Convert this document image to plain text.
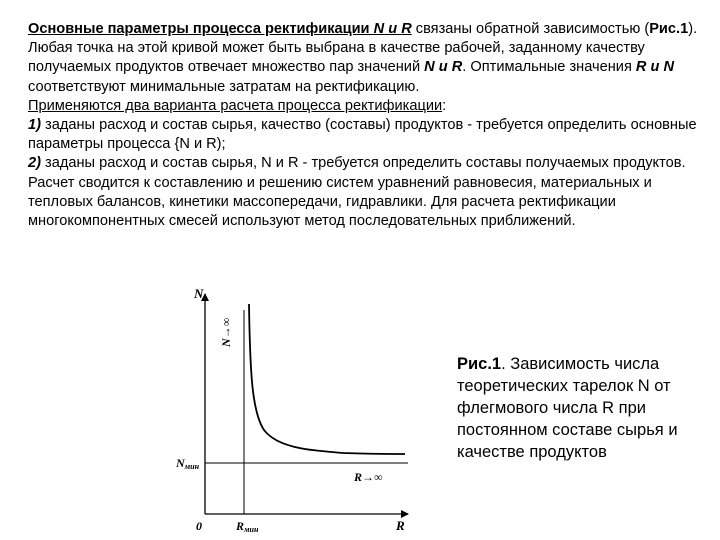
Основные параметры процесса ректификации N и R связаны обратной зависимостью (Рис.1). Любая точка на этой кривой может быть выбрана в качестве рабочей, заданному качеству получаемых продуктов отвечает множество пар значений N и R. Оптимальные значения R и N соответствуют минимальные затратам на ректификацию.

Применяются два варианта расчета процесса ректификации:

1) заданы расход и состав сырья, качество (составы) продуктов - требуется определить основные параметры процесса {N и R);

2) заданы расход и состав сырья, N и R - требуется определить составы получаемых продуктов.

Расчет сводится к составлению и решению систем уравнений равновесия, материальных и тепловых балансов, кинетики массопередачи, гидравлики. Для расчета ректификации многокомпонентных смесей используют метод последовательных приближений.

N
R
0
N→∞
R→∞
Nмин
Rмин
Рис.1. Зависимость числа теоретических тарелок N от флегмового числа R при постоянном составе сырья и качестве продуктов
